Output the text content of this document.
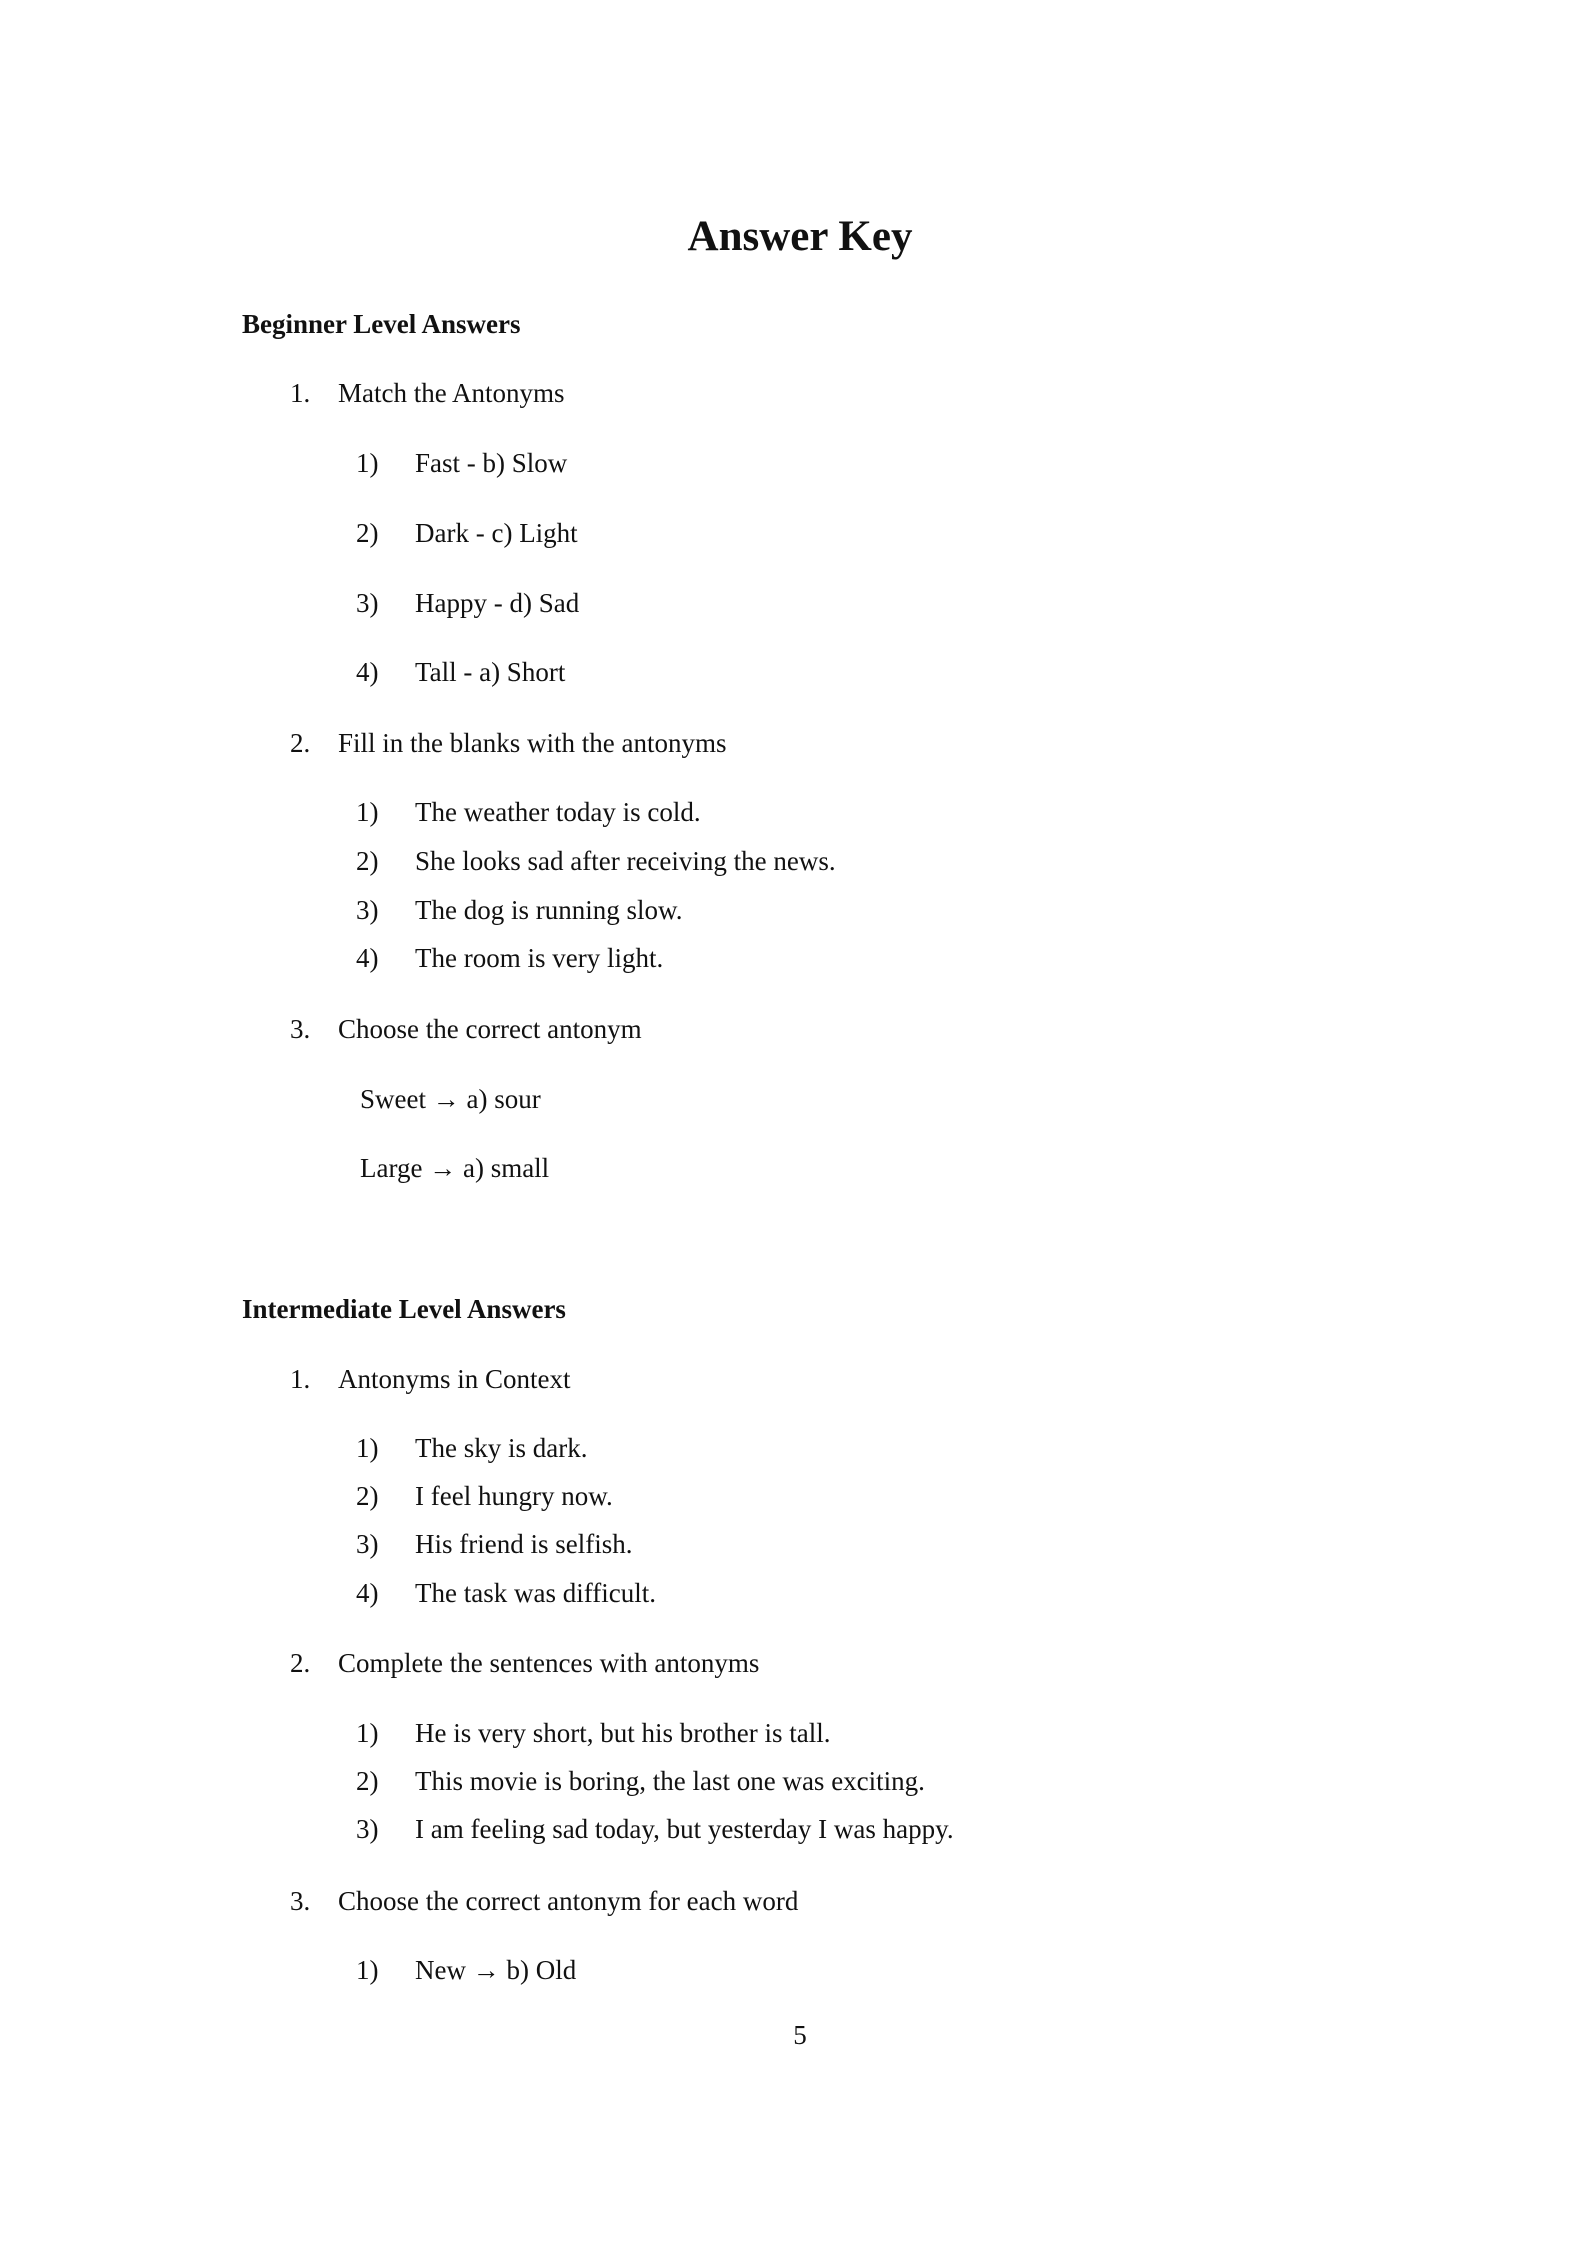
Answer Key
Beginner Level Answers
1. Match the Antonyms
1) Fast - b) Slow
2) Dark - c) Light
3) Happy - d) Sad
4) Tall - a) Short
2. Fill in the blanks with the antonyms
1) The weather today is cold.
2) She looks sad after receiving the news.
3) The dog is running slow.
4) The room is very light.
3. Choose the correct antonym
Sweet → a) sour
Large → a) small
Intermediate Level Answers
1. Antonyms in Context
1) The sky is dark.
2) I feel hungry now.
3) His friend is selfish.
4) The task was difficult.
2. Complete the sentences with antonyms
1) He is very short, but his brother is tall.
2) This movie is boring, the last one was exciting.
3) I am feeling sad today, but yesterday I was happy.
3. Choose the correct antonym for each word
1) New → b) Old
5
